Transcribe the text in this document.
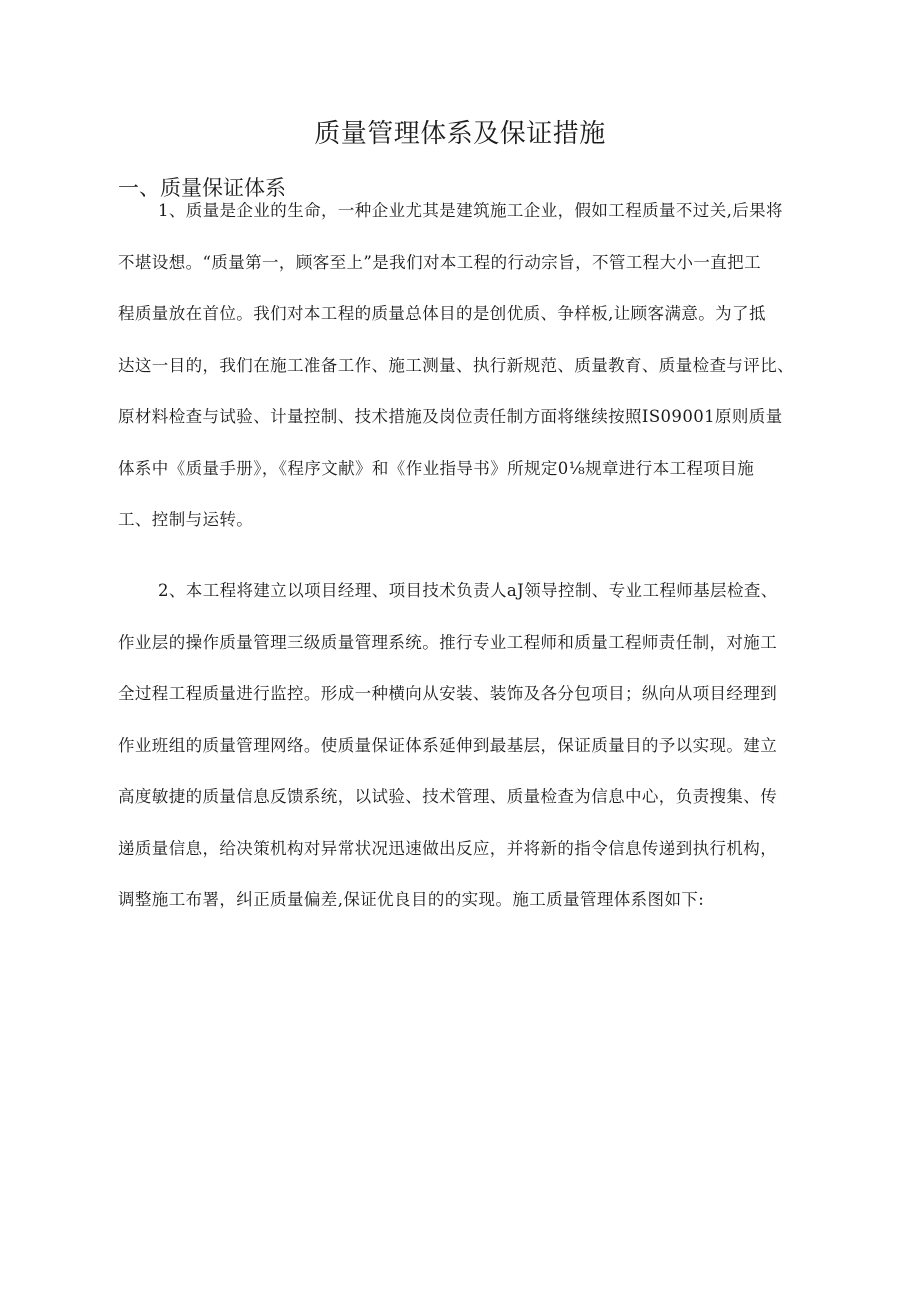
质量管理体系及保证措施
一、质量保证体系

1、质量是企业的生命，一种企业尤其是建筑施工企业，假如工程质量不过关,后果将
不堪设想。“质量第一，顾客至上”是我们对本工程的行动宗旨，不管工程大小一直把工
程质量放在首位。我们对本工程的质量总体目的是创优质、争样板,让顾客满意。为了抵
达这一目的，我们在施工准备工作、施工测量、执行新规范、质量教育、质量检查与评比、
原材料检查与试验、计量控制、技术措施及岗位责任制方面将继续按照IS09001原则质量
体系中《质量手册》，《程序文献》和《作业指导书》所规定0⅛规章进行本工程项目施
工、控制与运转。

2、本工程将建立以项目经理、项目技术负责人aJ领导控制、专业工程师基层检查、
作业层的操作质量管理三级质量管理系统。推行专业工程师和质量工程师责任制，对施工
全过程工程质量进行监控。形成一种横向从安装、装饰及各分包项目；纵向从项目经理到
作业班组的质量管理网络。使质量保证体系延伸到最基层，保证质量目的予以实现。建立
高度敏捷的质量信息反馈系统，以试验、技术管理、质量检查为信息中心，负责搜集、传
递质量信息，给决策机构对异常状况迅速做出反应，并将新的指令信息传递到执行机构，
调整施工布署，纠正质量偏差,保证优良目的的实现。施工质量管理体系图如下:
